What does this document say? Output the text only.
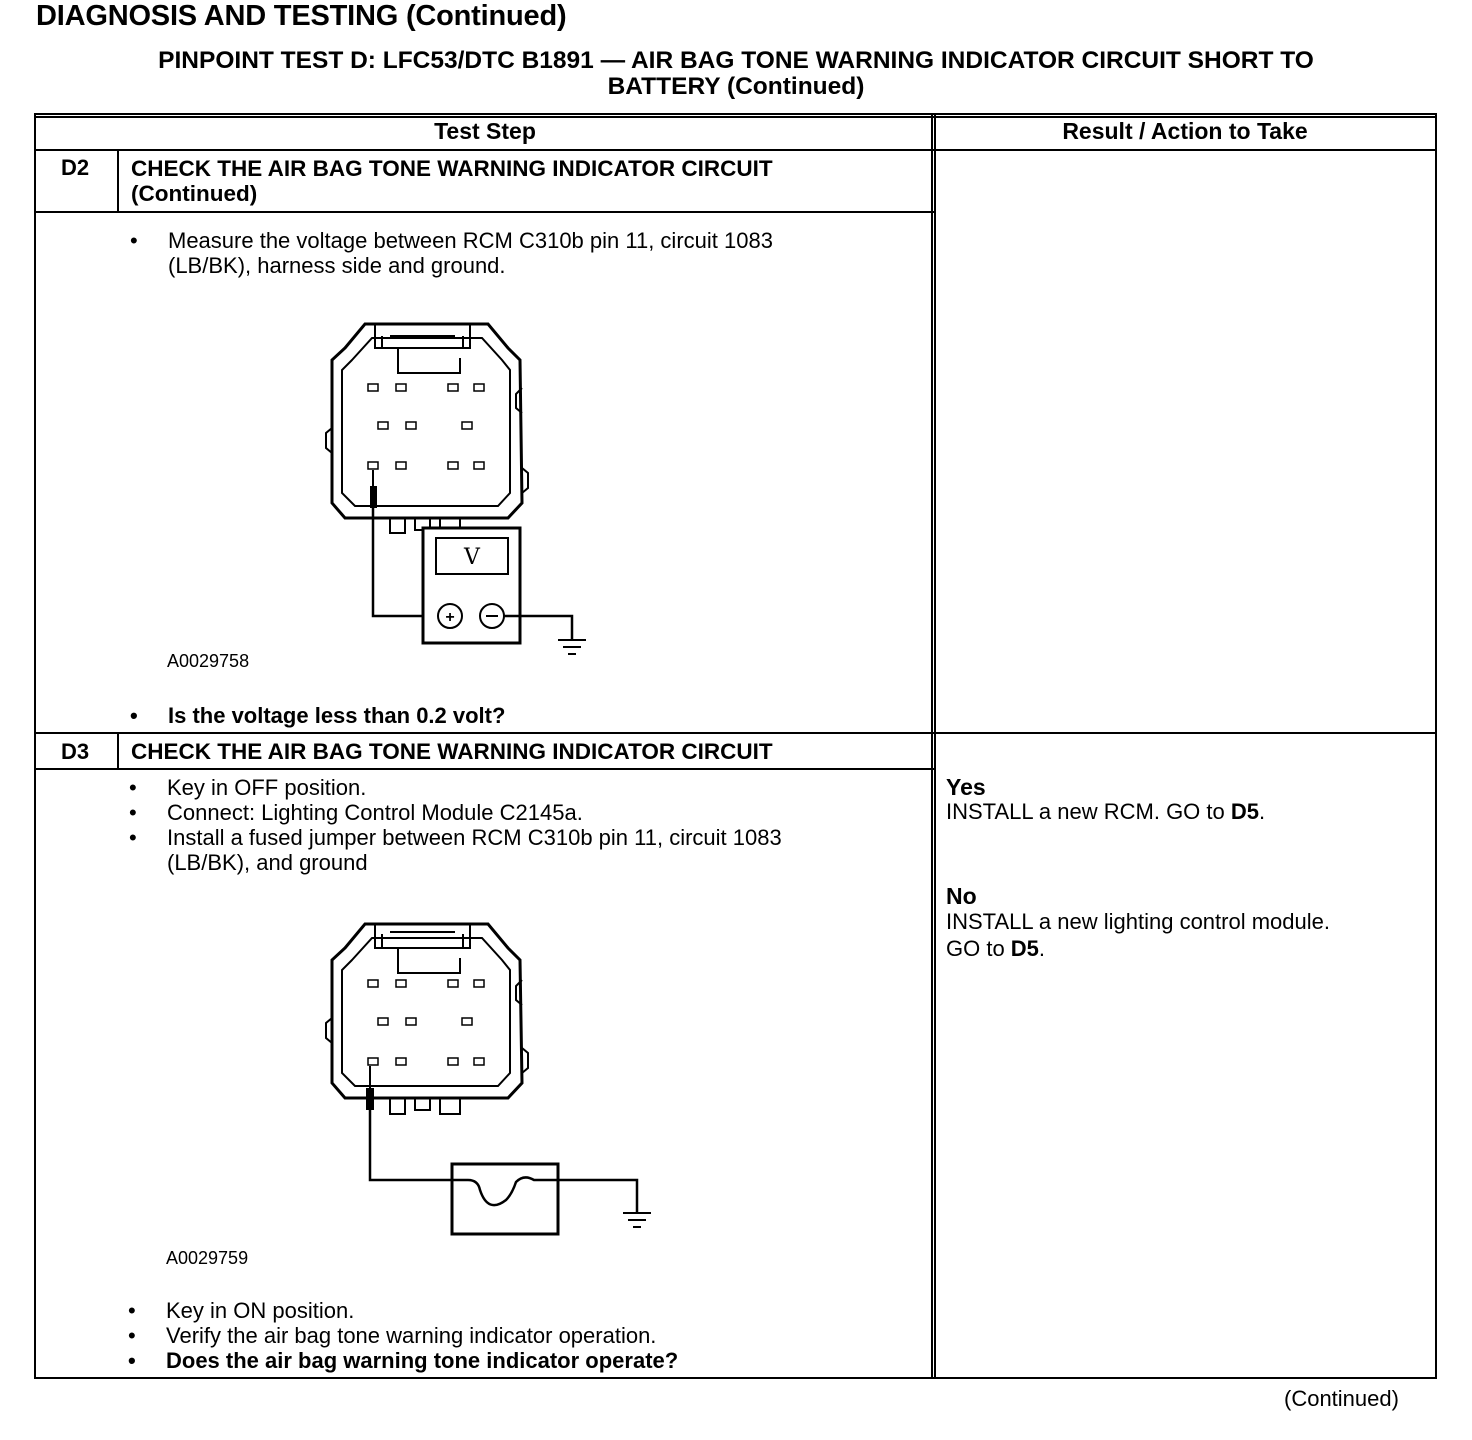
DIAGNOSIS AND TESTING (Continued)
PINPOINT TEST D: LFC53/DTC B1891 — AIR BAG TONE WARNING INDICATOR CIRCUIT SHORT TO
BATTERY (Continued)
Test Step	Result / Action to Take
D2 CHECK THE AIR BAG TONE WARNING INDICATOR CIRCUIT
(Continued)
• Measure the voltage between RCM C310b pin 11, circuit 1083
(LB/BK), harness side and ground.
V
+
A0029758
• Is the voltage less than 0.2 volt?
D3 CHECK THE AIR BAG TONE WARNING INDICATOR CIRCUIT
• Key in OFF position.
• Connect: Lighting Control Module C2145a.
• Install a fused jumper between RCM C310b pin 11, circuit 1083
(LB/BK), and ground
A0029759
• Key in ON position.
• Verify the air bag tone warning indicator operation.
• Does the air bag warning tone indicator operate?
Yes
INSTALL a new RCM. GO to D5.
No
INSTALL a new lighting control module.
GO to D5.
(Continued)
